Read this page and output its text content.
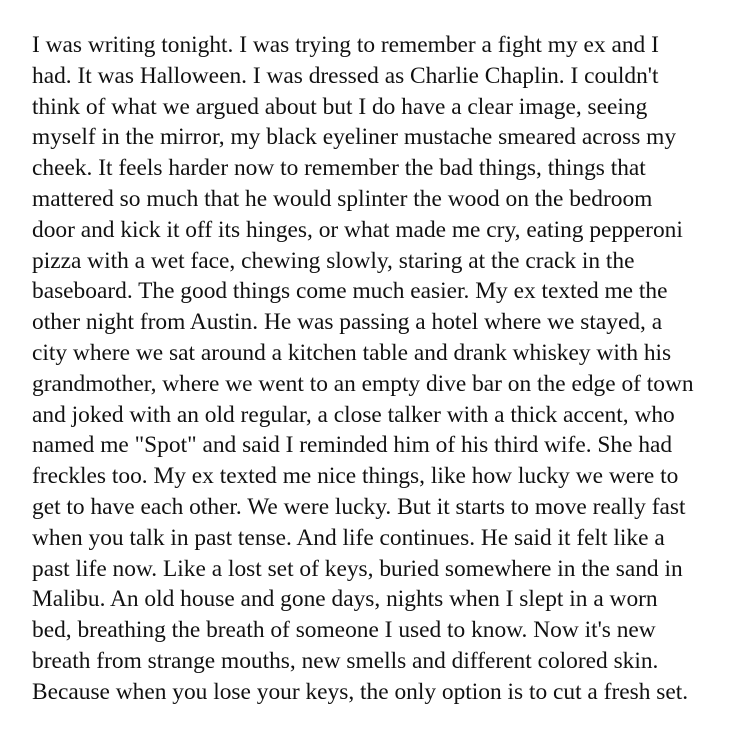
I was writing tonight. I was trying to remember a fight my ex and I
had. It was Halloween. I was dressed as Charlie Chaplin. I couldn't
think of what we argued about but I do have a clear image, seeing
myself in the mirror, my black eyeliner mustache smeared across my
cheek. It feels harder now to remember the bad things, things that
mattered so much that he would splinter the wood on the bedroom
door and kick it off its hinges, or what made me cry, eating pepperoni
pizza with a wet face, chewing slowly, staring at the crack in the
baseboard. The good things come much easier. My ex texted me the
other night from Austin. He was passing a hotel where we stayed, a
city where we sat around a kitchen table and drank whiskey with his
grandmother, where we went to an empty dive bar on the edge of town
and joked with an old regular, a close talker with a thick accent, who
named me "Spot" and said I reminded him of his third wife. She had
freckles too. My ex texted me nice things, like how lucky we were to
get to have each other. We were lucky. But it starts to move really fast
when you talk in past tense. And life continues. He said it felt like a
past life now. Like a lost set of keys, buried somewhere in the sand in
Malibu. An old house and gone days, nights when I slept in a worn
bed, breathing the breath of someone I used to know. Now it's new
breath from strange mouths, new smells and different colored skin.
Because when you lose your keys, the only option is to cut a fresh set.
